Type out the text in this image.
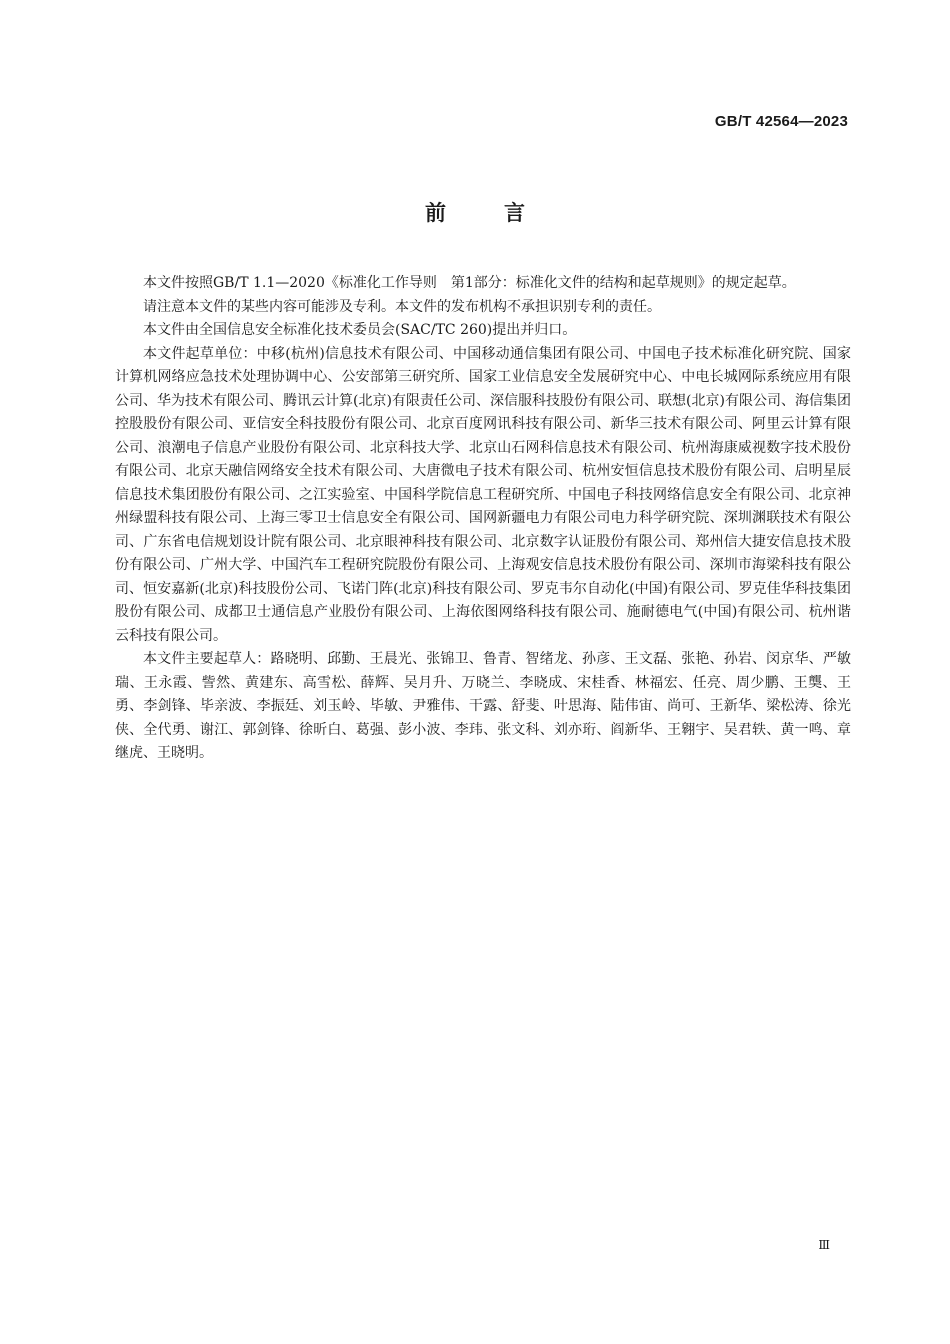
GB/T 42564—2023
前	言

本文件按照GB/T 1.1—2020《标准化工作导则　第1部分：标准化文件的结构和起草规则》的规定起草。

请注意本文件的某些内容可能涉及专利。本文件的发布机构不承担识别专利的责任。

本文件由全国信息安全标准化技术委员会(SAC/TC 260)提出并归口。

本文件起草单位：中移(杭州)信息技术有限公司、中国移动通信集团有限公司、中国电子技术标准化研究院、国家计算机网络应急技术处理协调中心、公安部第三研究所、国家工业信息安全发展研究中心、中电长城网际系统应用有限公司、华为技术有限公司、腾讯云计算(北京)有限责任公司、深信服科技股份有限公司、联想(北京)有限公司、海信集团控股股份有限公司、亚信安全科技股份有限公司、北京百度网讯科技有限公司、新华三技术有限公司、阿里云计算有限公司、浪潮电子信息产业股份有限公司、北京科技大学、北京山石网科信息技术有限公司、杭州海康威视数字技术股份有限公司、北京天融信网络安全技术有限公司、大唐微电子技术有限公司、杭州安恒信息技术股份有限公司、启明星辰信息技术集团股份有限公司、之江实验室、中国科学院信息工程研究所、中国电子科技网络信息安全有限公司、北京神州绿盟科技有限公司、上海三零卫士信息安全有限公司、国网新疆电力有限公司电力科学研究院、深圳渊联技术有限公司、广东省电信规划设计院有限公司、北京眼神科技有限公司、北京数字认证股份有限公司、郑州信大捷安信息技术股份有限公司、广州大学、中国汽车工程研究院股份有限公司、上海观安信息技术股份有限公司、深圳市海梁科技有限公司、恒安嘉新(北京)科技股份公司、飞诺门阵(北京)科技有限公司、罗克韦尔自动化(中国)有限公司、罗克佳华科技集团股份有限公司、成都卫士通信息产业股份有限公司、上海依图网络科技有限公司、施耐德电气(中国)有限公司、杭州谐云科技有限公司。

本文件主要起草人：路晓明、邱勤、王晨光、张锦卫、鲁青、智绪龙、孙彦、王文磊、张艳、孙岩、闵京华、严敏瑞、王永霞、訾然、黄建东、高雪松、薛辉、吴月升、万晓兰、李晓成、宋桂香、林福宏、任亮、周少鹏、王龑、王勇、李剑锋、毕亲波、李振廷、刘玉岭、毕敏、尹雅伟、干露、舒斐、叶思海、陆伟宙、尚可、王新华、梁松涛、徐光侠、全代勇、谢江、郭剑锋、徐昕白、葛强、彭小波、李玮、张文科、刘亦珩、阎新华、王翱宇、吴君轶、黄一鸣、章继虎、王晓明。

Ⅲ
